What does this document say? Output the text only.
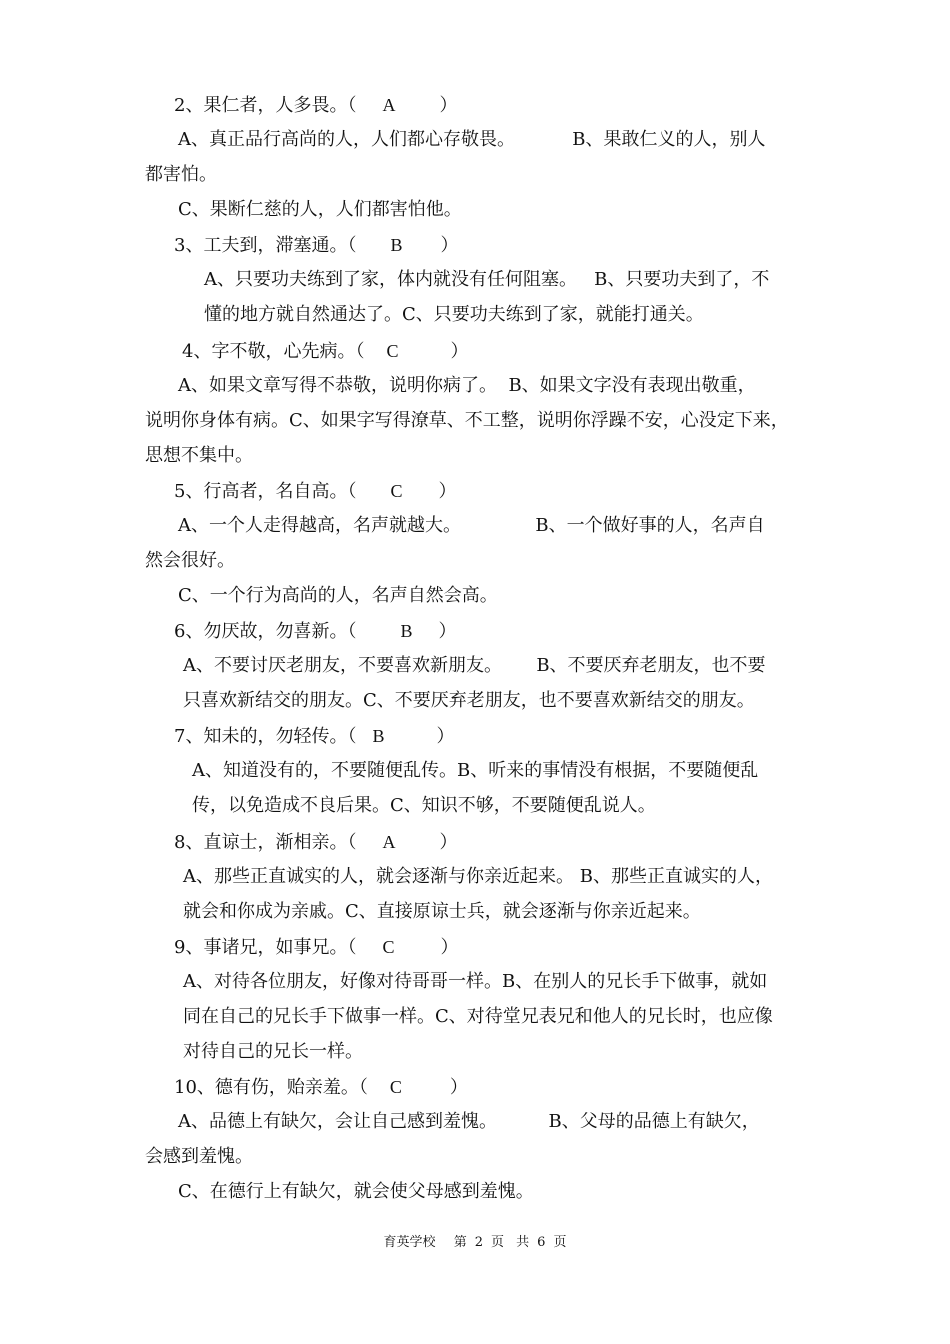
2、果仁者，人多畏。（ A ）
A、真正品行高尚的人，人们都心存敬畏。          B、果敢仁义的人，别人
都害怕。
C、果断仁慈的人，人们都害怕他。
3、工夫到，滞塞通。（ B ）
A、只要功夫练到了家，体内就没有任何阻塞。   B、只要功夫到了，不
懂的地方就自然通达了。C、只要功夫练到了家，就能打通关。
4、字不敬，心先病。（ C	）
A、如果文章写得不恭敬，说明你病了。  B、如果文字没有表现出敬重，
说明你身体有病。C、如果字写得潦草、不工整，说明你浮躁不安，心没定下来，
思想不集中。
5、行高者，名自高。（ C ）
A、一个人走得越高，名声就越大。             B、一个做好事的人，名声自
然会很好。
C、一个行为高尚的人，名声自然会高。
6、勿厌故，勿喜新。（ B ）
A、不要讨厌老朋友，不要喜欢新朋友。      B、不要厌弃老朋友，也不要
只喜欢新结交的朋友。C、不要厌弃老朋友，也不要喜欢新结交的朋友。
7、知未的，勿轻传。（ B	）
A、知道没有的，不要随便乱传。B、听来的事情没有根据，不要随便乱
传，以免造成不良后果。C、知识不够，不要随便乱说人。
8、直谅士，渐相亲。（ A ）
A、那些正直诚实的人，就会逐渐与你亲近起来。 B、那些正直诚实的人，
就会和你成为亲戚。C、直接原谅士兵，就会逐渐与你亲近起来。
9、事诸兄，如事兄。（ C	）
A、对待各位朋友，好像对待哥哥一样。B、在别人的兄长手下做事，就如
同在自己的兄长手下做事一样。C、对待堂兄表兄和他人的兄长时，也应像
对待自己的兄长一样。
10、德有伤，贻亲羞。（ C	）
A、品德上有缺欠，会让自己感到羞愧。         B、父母的品德上有缺欠，
会感到羞愧。
C、在德行上有缺欠，就会使父母感到羞愧。
育英学校 第 2 页 共 6 页
